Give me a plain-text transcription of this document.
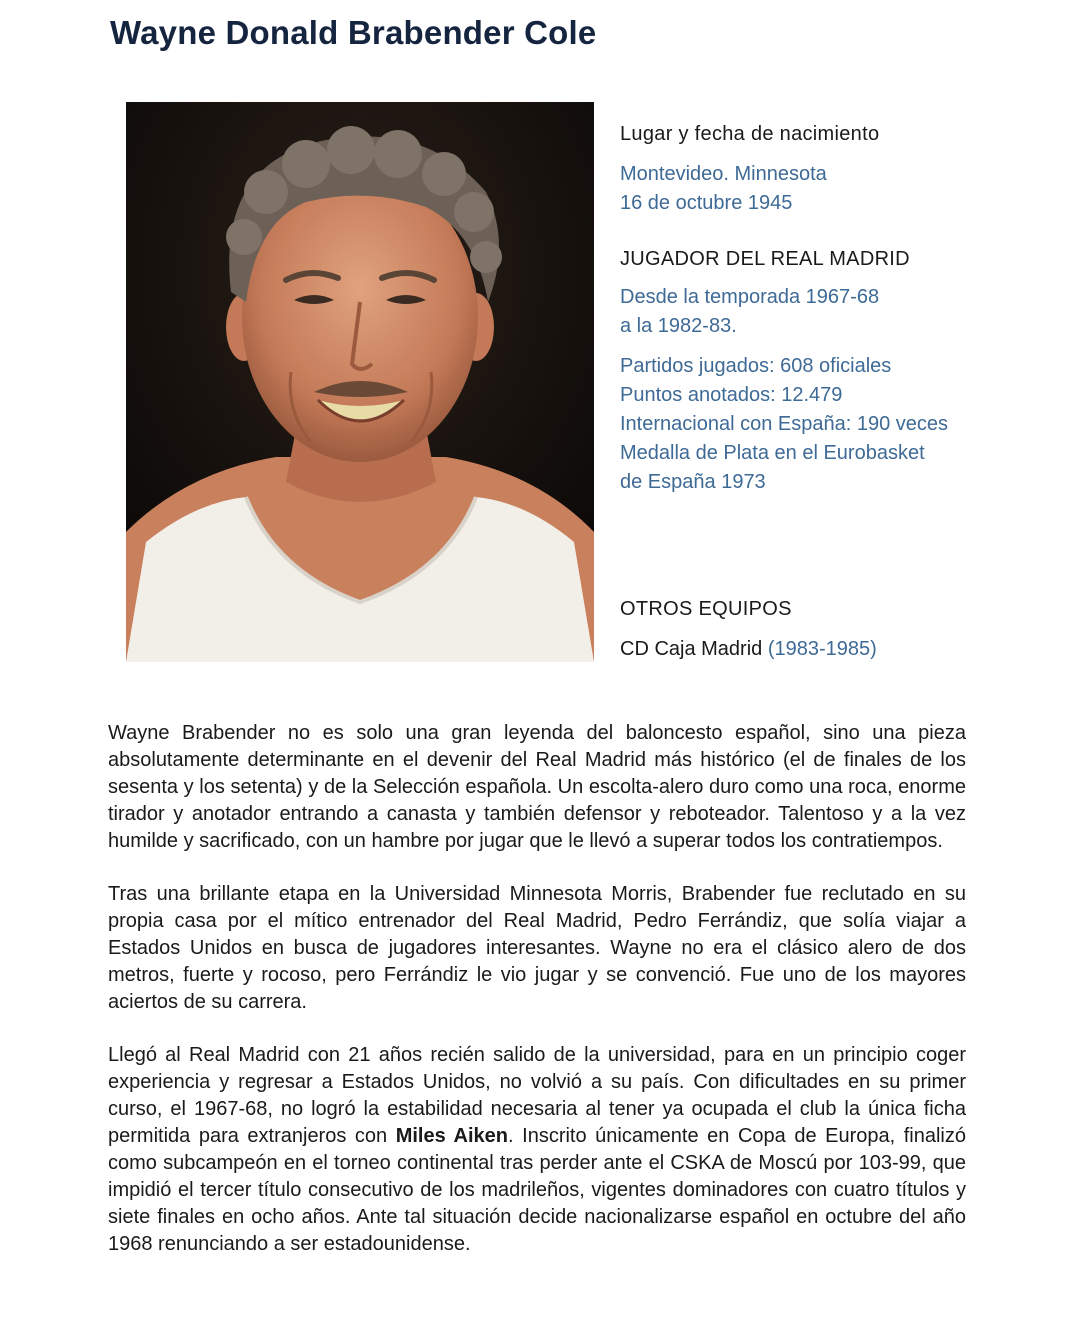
Wayne Donald Brabender Cole
Lugar y fecha de nacimiento
Montevideo. Minnesota
16 de octubre 1945
JUGADOR DEL REAL MADRID
Desde la temporada 1967-68
a la 1982-83.
Partidos jugados: 608 oficiales
Puntos anotados: 12.479
Internacional con España: 190 veces
Medalla de Plata en el Eurobasket
de España 1973
OTROS EQUIPOS
CD Caja Madrid (1983-1985)

Wayne Brabender no es solo una gran leyenda del baloncesto español, sino una pieza absolutamente determinante en el devenir del Real Madrid más histórico (el de finales de los sesenta y los setenta) y de la Selección española. Un escolta-alero duro como una roca, enorme tirador y anotador entrando a canasta y también defensor y reboteador. Talentoso y a la vez humilde y sacrificado, con un hambre por jugar que le llevó a superar todos los contratiempos.

Tras una brillante etapa en la Universidad Minnesota Morris, Brabender fue reclutado en su propia casa por el mítico entrenador del Real Madrid, Pedro Ferrándiz, que solía viajar a Estados Unidos en busca de jugadores interesantes. Wayne no era el clásico alero de dos metros, fuerte y rocoso, pero Ferrándiz le vio jugar y se convenció. Fue uno de los mayores aciertos de su carrera.

Llegó al Real Madrid con 21 años recién salido de la universidad, para en un principio coger experiencia y regresar a Estados Unidos, no volvió a su país. Con dificultades en su primer curso, el 1967-68, no logró la estabilidad necesaria al tener ya ocupada el club la única ficha permitida para extranjeros con Miles Aiken. Inscrito únicamente en Copa de Europa, finalizó como subcampeón en el torneo continental tras perder ante el CSKA de Moscú por 103-99, que impidió el tercer título consecutivo de los madrileños, vigentes dominadores con cuatro títulos y siete finales en ocho años. Ante tal situación decide nacionalizarse español en octubre del año 1968 renunciando a ser estadounidense.
